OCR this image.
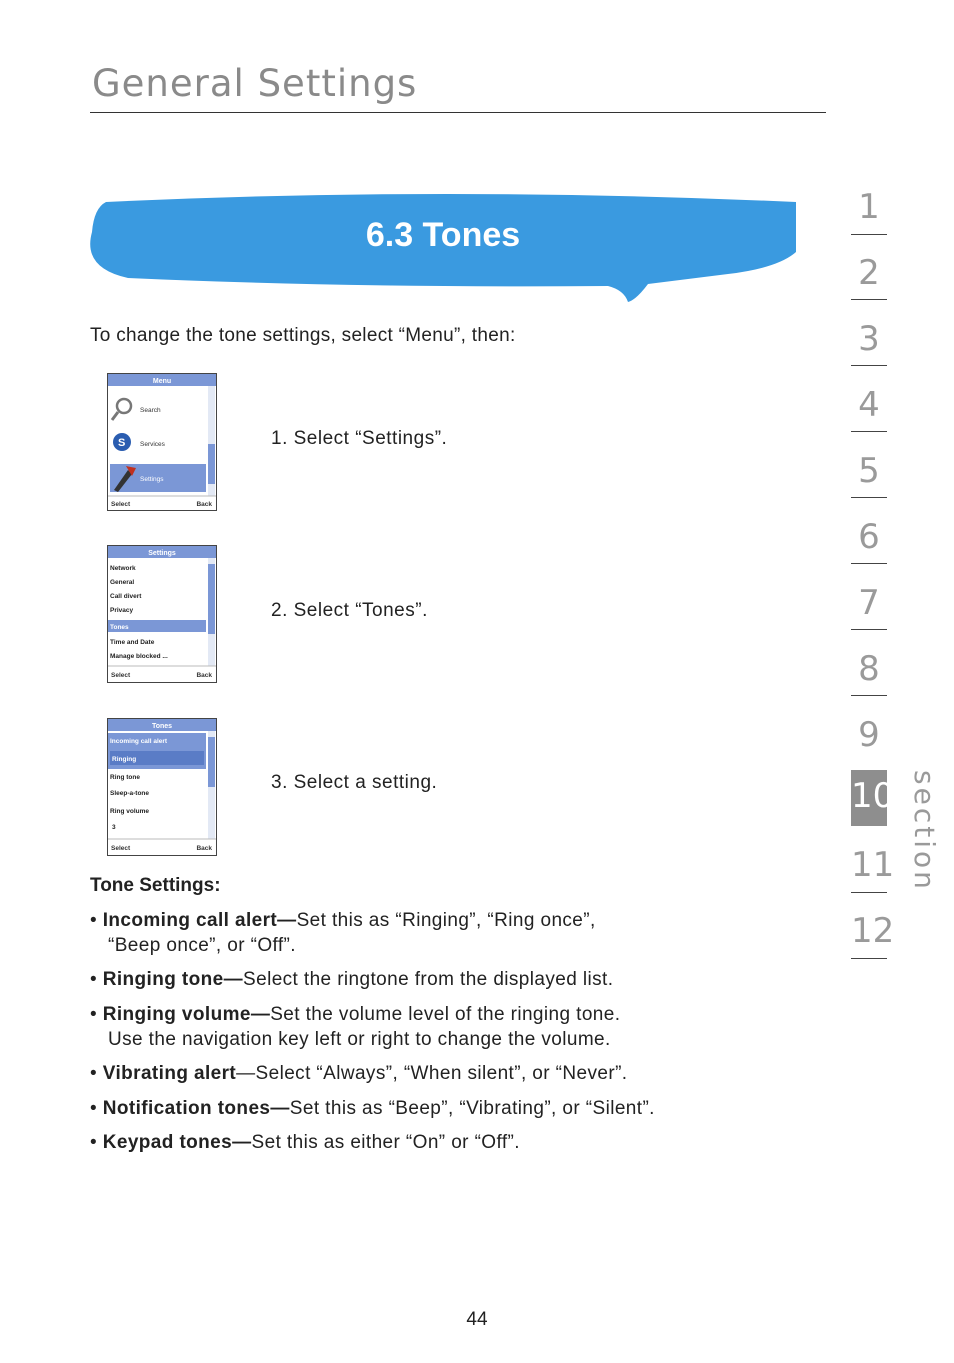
General Settings
6.3 Tones
To change the tone settings, select “Menu”, then:
Menu
Search
S Services
Settings
Select	Back
1. Select “Settings”.
Settings
Network
General
Call divert
Privacy
Tones
Time and Date
Manage blocked ...
Select	Back
2. Select “Tones”.
Tones
Incoming call alert
Ringing
Ring tone
Sleep-a-tone
Ring volume
3
Select	Back
3. Select a setting.
Tone Settings:
• Incoming call alert—Set this as “Ringing”, “Ring once”,
“Beep once”, or “Off”.
• Ringing tone—Select the ringtone from the displayed list.
• Ringing volume—Set the volume level of the ringing tone.
Use the navigation key left or right to change the volume.
• Vibrating alert—Select “Always”, “When silent”, or “Never”.
• Notification tones—Set this as “Beep”, “Vibrating”, or “Silent”.
• Keypad tones—Set this as either “On” or “Off”.
1
2
3
4
5
6
7
8
9
10
11
12
section
44
